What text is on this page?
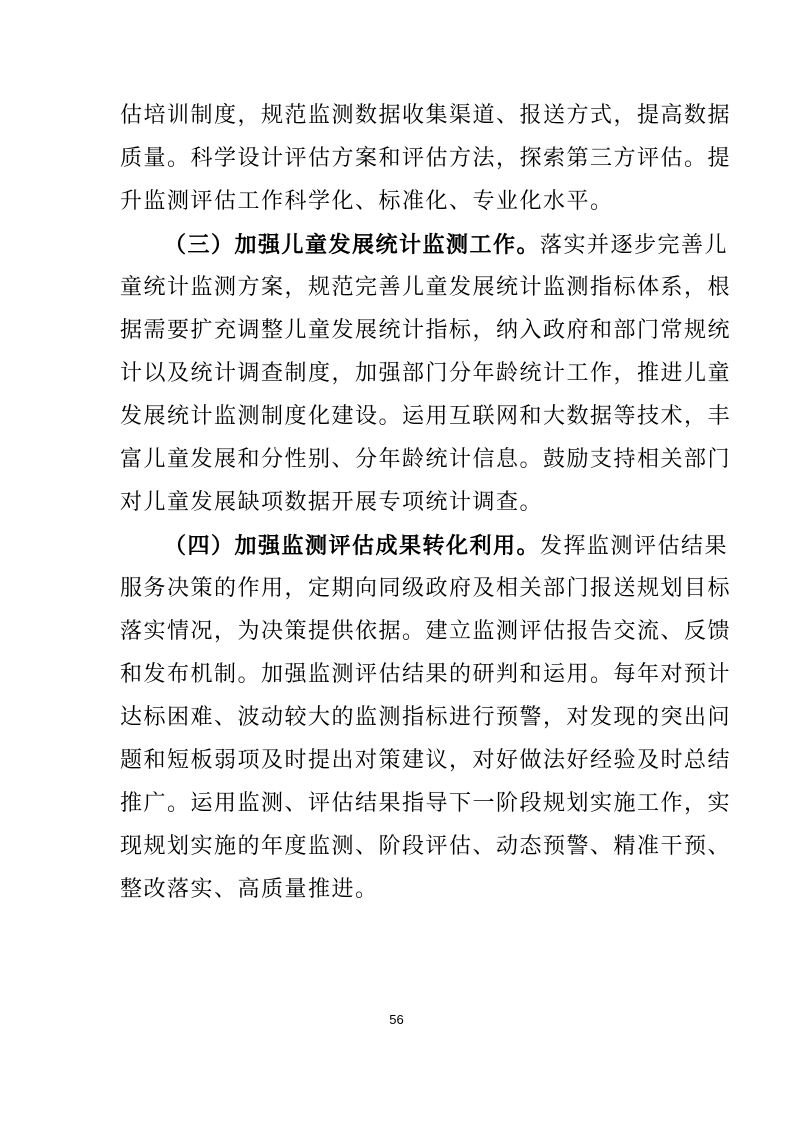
估培训制度，规范监测数据收集渠道、报送方式，提高数据
质量。科学设计评估方案和评估方法，探索第三方评估。提
升监测评估工作科学化、标准化、专业化水平。
（三）加强儿童发展统计监测工作。落实并逐步完善儿
童统计监测方案，规范完善儿童发展统计监测指标体系，根
据需要扩充调整儿童发展统计指标，纳入政府和部门常规统
计以及统计调查制度，加强部门分年龄统计工作，推进儿童
发展统计监测制度化建设。运用互联网和大数据等技术，丰
富儿童发展和分性别、分年龄统计信息。鼓励支持相关部门
对儿童发展缺项数据开展专项统计调查。
（四）加强监测评估成果转化利用。发挥监测评估结果
服务决策的作用，定期向同级政府及相关部门报送规划目标
落实情况，为决策提供依据。建立监测评估报告交流、反馈
和发布机制。加强监测评估结果的研判和运用。每年对预计
达标困难、波动较大的监测指标进行预警，对发现的突出问
题和短板弱项及时提出对策建议，对好做法好经验及时总结
推广。运用监测、评估结果指导下一阶段规划实施工作，实
现规划实施的年度监测、阶段评估、动态预警、精准干预、
整改落实、高质量推进。
56
